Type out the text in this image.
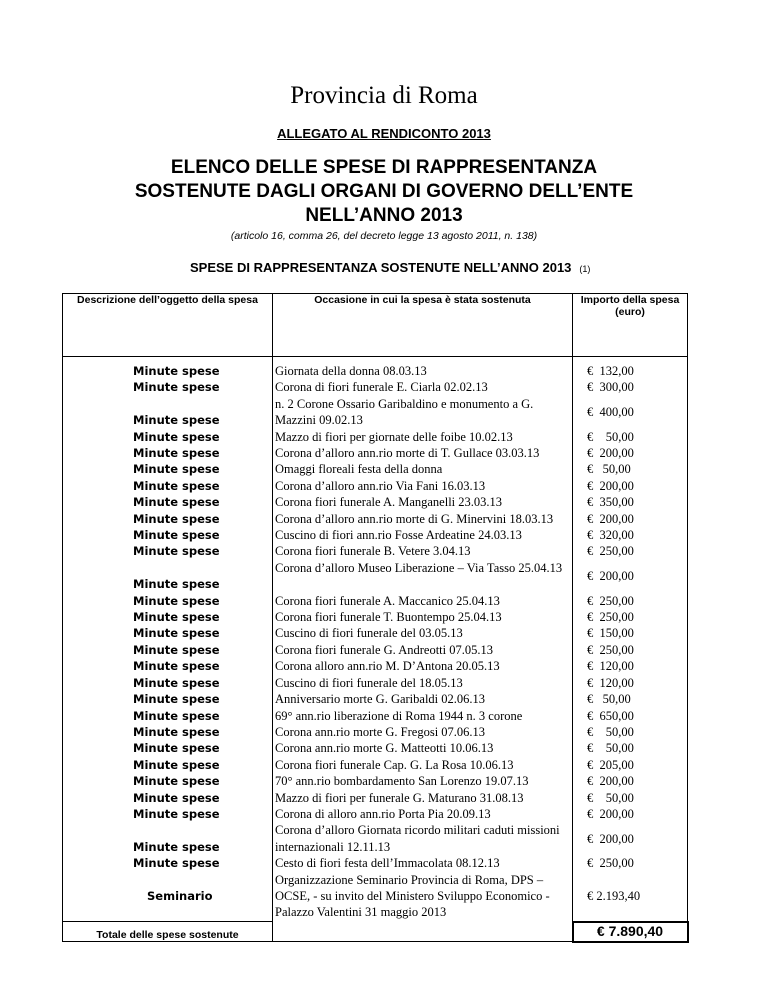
Provincia di Roma
ALLEGATO AL RENDICONTO 2013
ELENCO DELLE SPESE DI RAPPRESENTANZA
SOSTENUTE DAGLI ORGANI DI GOVERNO DELL’ENTE
NELL’ANNO 2013
(articolo 16, comma 26, del decreto legge 13 agosto 2011, n. 138)
SPESE DI RAPPRESENTANZA SOSTENUTE NELL’ANNO 2013 (1)
Descrizione dell’oggetto della spesa	Occasione in cui la spesa è stata sostenuta	Importo della spesa (euro)

Minute spese	Giornata della donna 08.03.13	€  132,00
Minute spese	Corona di fiori funerale E. Ciarla 02.02.13	€  300,00
Minute spese	n. 2 Corone Ossario Garibaldino e monumento a G. Mazzini 09.02.13	€  400,00
Minute spese	Mazzo di fiori per giornate delle foibe 10.02.13	€    50,00
Minute spese	Corona d’alloro ann.rio morte di T. Gullace 03.03.13	€  200,00
Minute spese	Omaggi floreali festa della donna	€   50,00
Minute spese	Corona d’alloro ann.rio Via Fani 16.03.13	€  200,00
Minute spese	Corona fiori funerale A. Manganelli 23.03.13	€  350,00
Minute spese	Corona d’alloro ann.rio morte di G. Minervini 18.03.13	€  200,00
Minute spese	Cuscino di fiori ann.rio Fosse Ardeatine 24.03.13	€  320,00
Minute spese	Corona fiori funerale B. Vetere 3.04.13	€  250,00
Minute spese	Corona d’alloro Museo Liberazione – Via Tasso 25.04.13	€  200,00
Minute spese	Corona fiori funerale A. Maccanico 25.04.13	€  250,00
Minute spese	Corona fiori funerale T. Buontempo 25.04.13	€  250,00
Minute spese	Cuscino di fiori funerale del 03.05.13	€  150,00
Minute spese	Corona fiori funerale G. Andreotti 07.05.13	€  250,00
Minute spese	Corona alloro ann.rio M. D’Antona 20.05.13	€  120,00
Minute spese	Cuscino di fiori funerale del 18.05.13	€  120,00
Minute spese	Anniversario morte G. Garibaldi 02.06.13	€   50,00
Minute spese	69° ann.rio liberazione di Roma 1944 n. 3 corone	€  650,00
Minute spese	Corona ann.rio morte G. Fregosi 07.06.13	€    50,00
Minute spese	Corona ann.rio morte G. Matteotti 10.06.13	€    50,00
Minute spese	Corona fiori funerale Cap. G. La Rosa 10.06.13	€  205,00
Minute spese	70° ann.rio bombardamento San Lorenzo 19.07.13	€  200,00
Minute spese	Mazzo di fiori per funerale G. Maturano 31.08.13	€    50,00
Minute spese	Corona di alloro ann.rio Porta Pia 20.09.13	€  200,00
Minute spese	Corona d’alloro Giornata ricordo militari caduti missioni internazionali 12.11.13	€  200,00
Minute spese	Cesto di fiori festa dell’Immacolata 08.12.13	€  250,00
Seminario	Organizzazione Seminario Provincia di Roma, DPS – OCSE, - su invito del Ministero Sviluppo Economico - Palazzo Valentini 31 maggio 2013	€ 2.193,40
Totale delle spese sostenute		€ 7.890,40
